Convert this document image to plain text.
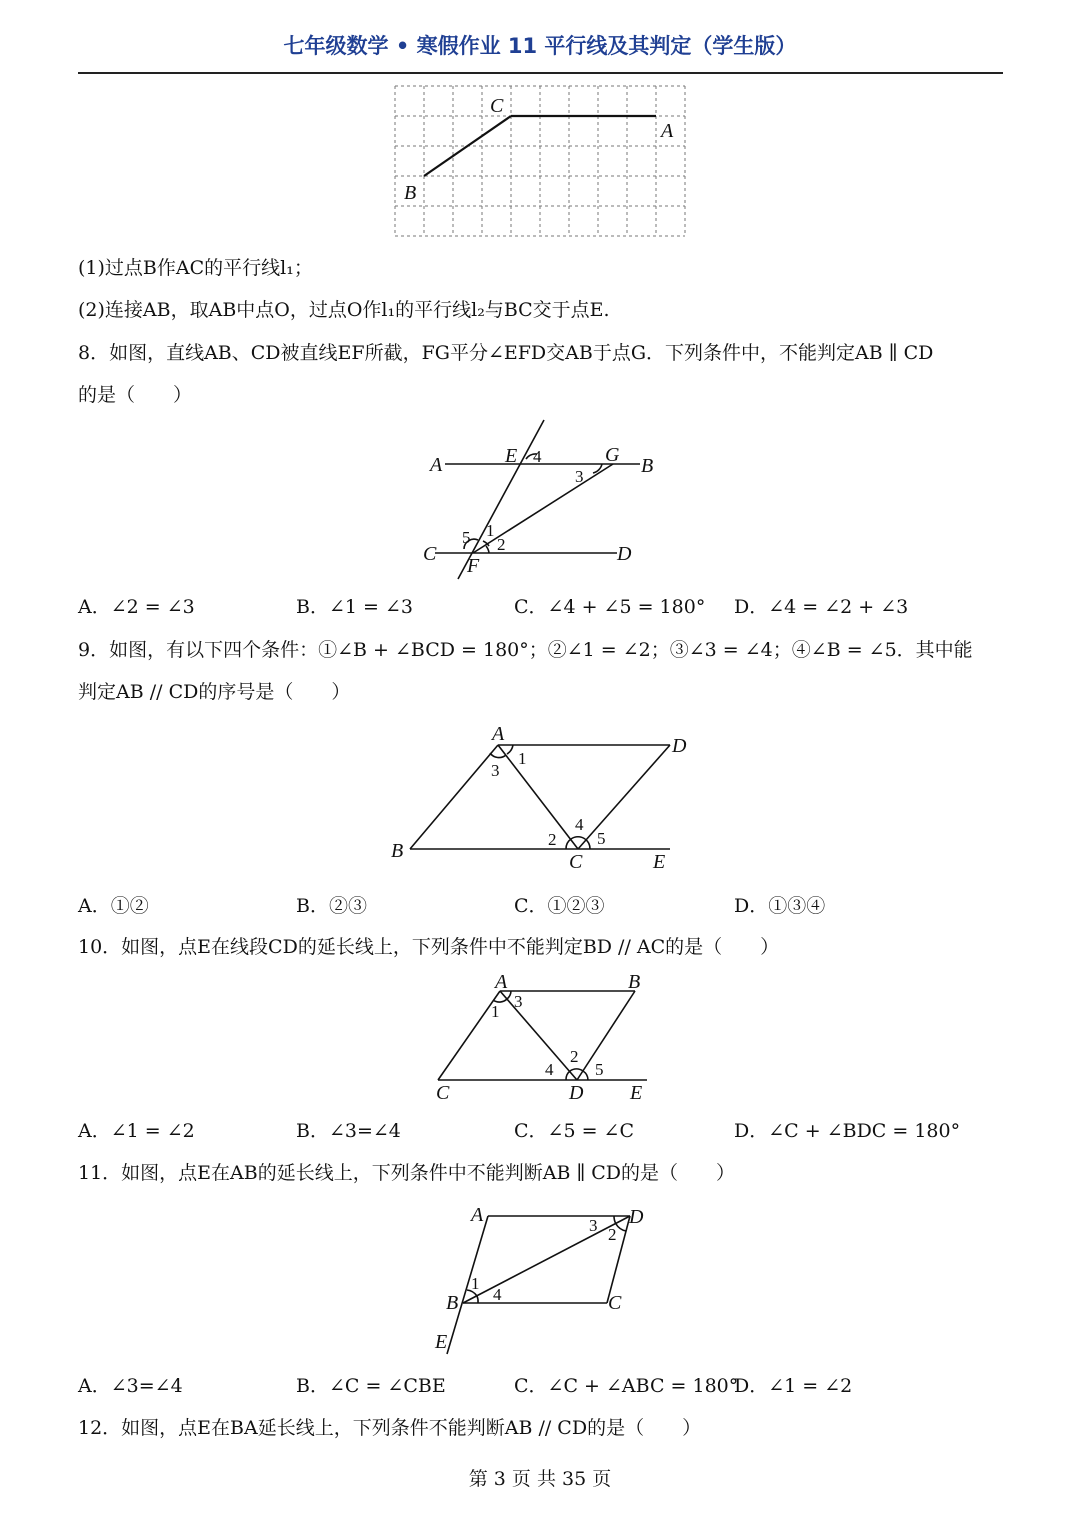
七年级数学 • 寒假作业 11 平行线及其判定（学生版）
C
A
B
(1)过点B作AC的平行线l₁；
(2)连接AB，取AB中点O，过点O作l₁的平行线l₂与BC交于点E.
8．如图，直线AB、CD被直线EF所截，FG平分∠EFD交AB于点G．下列条件中，不能判定AB ∥ CD
的是（　　）
A	E 4	G B
3
5 1
2
C
F
D
A．∠2 = ∠3	B．∠1 = ∠3	C．∠4 + ∠5 = 180° D．∠4 = ∠2 + ∠3
9．如图，有以下四个条件：①∠B + ∠BCD = 180°；②∠1 = ∠2；③∠3 = ∠4；④∠B = ∠5．其中能
判定AB // CD的序号是（　　）
A
1
3
D
2
4
5
B	C	E
A．①②	B．②③	C．①②③	D．①③④
10．如图，点E在线段CD的延长线上，下列条件中不能判定BD // AC的是（　　）
A	B
3
1
2
4 5
C	D E
A．∠1 = ∠2	B．∠3=∠4	C．∠5 = ∠C	D．∠C + ∠BDC = 180°
11．如图，点E在AB的延长线上，下列条件中不能判断AB ∥ CD的是（　　）
A	D
3 2
1
4
B	C
E
A．∠3=∠4	B．∠C = ∠CBE	C．∠C + ∠ABC = 180°
D．∠1 = ∠2
12．如图，点E在BA延长线上，下列条件不能判断AB // CD的是（　　）
第 3 页 共 35 页
